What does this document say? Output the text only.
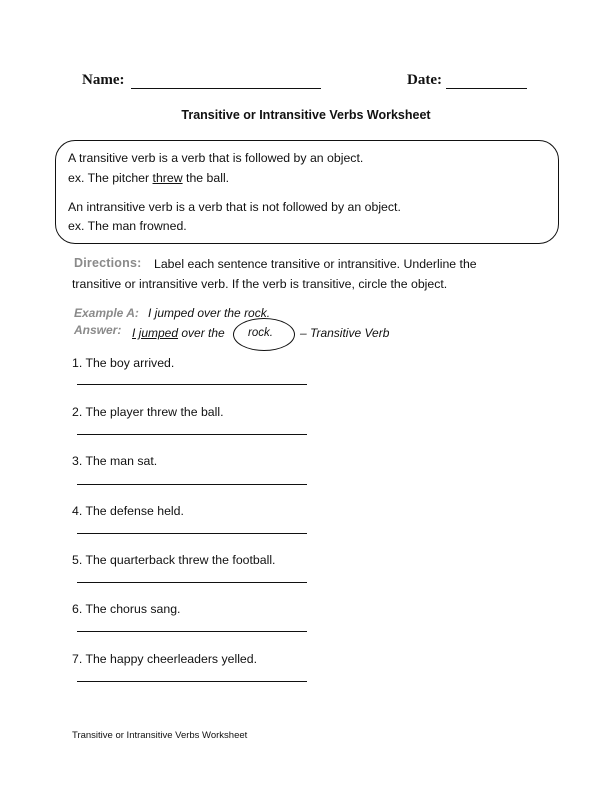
Name:	Date:
Transitive or Intransitive Verbs Worksheet
A transitive verb is a verb that is followed by an object.
ex. The pitcher threw the ball.
An intransitive verb is a verb that is not followed by an object.
ex. The man frowned.
Directions: Label each sentence transitive or intransitive. Underline the
transitive or intransitive verb. If the verb is transitive, circle the object.
Example A: I jumped over the rock.
Answer: I jumped over the rock. – Transitive Verb
1. The boy arrived.
2. The player threw the ball.
3. The man sat.
4. The defense held.
5. The quarterback threw the football.
6. The chorus sang.
7. The happy cheerleaders yelled.
Transitive or Intransitive Verbs Worksheet
